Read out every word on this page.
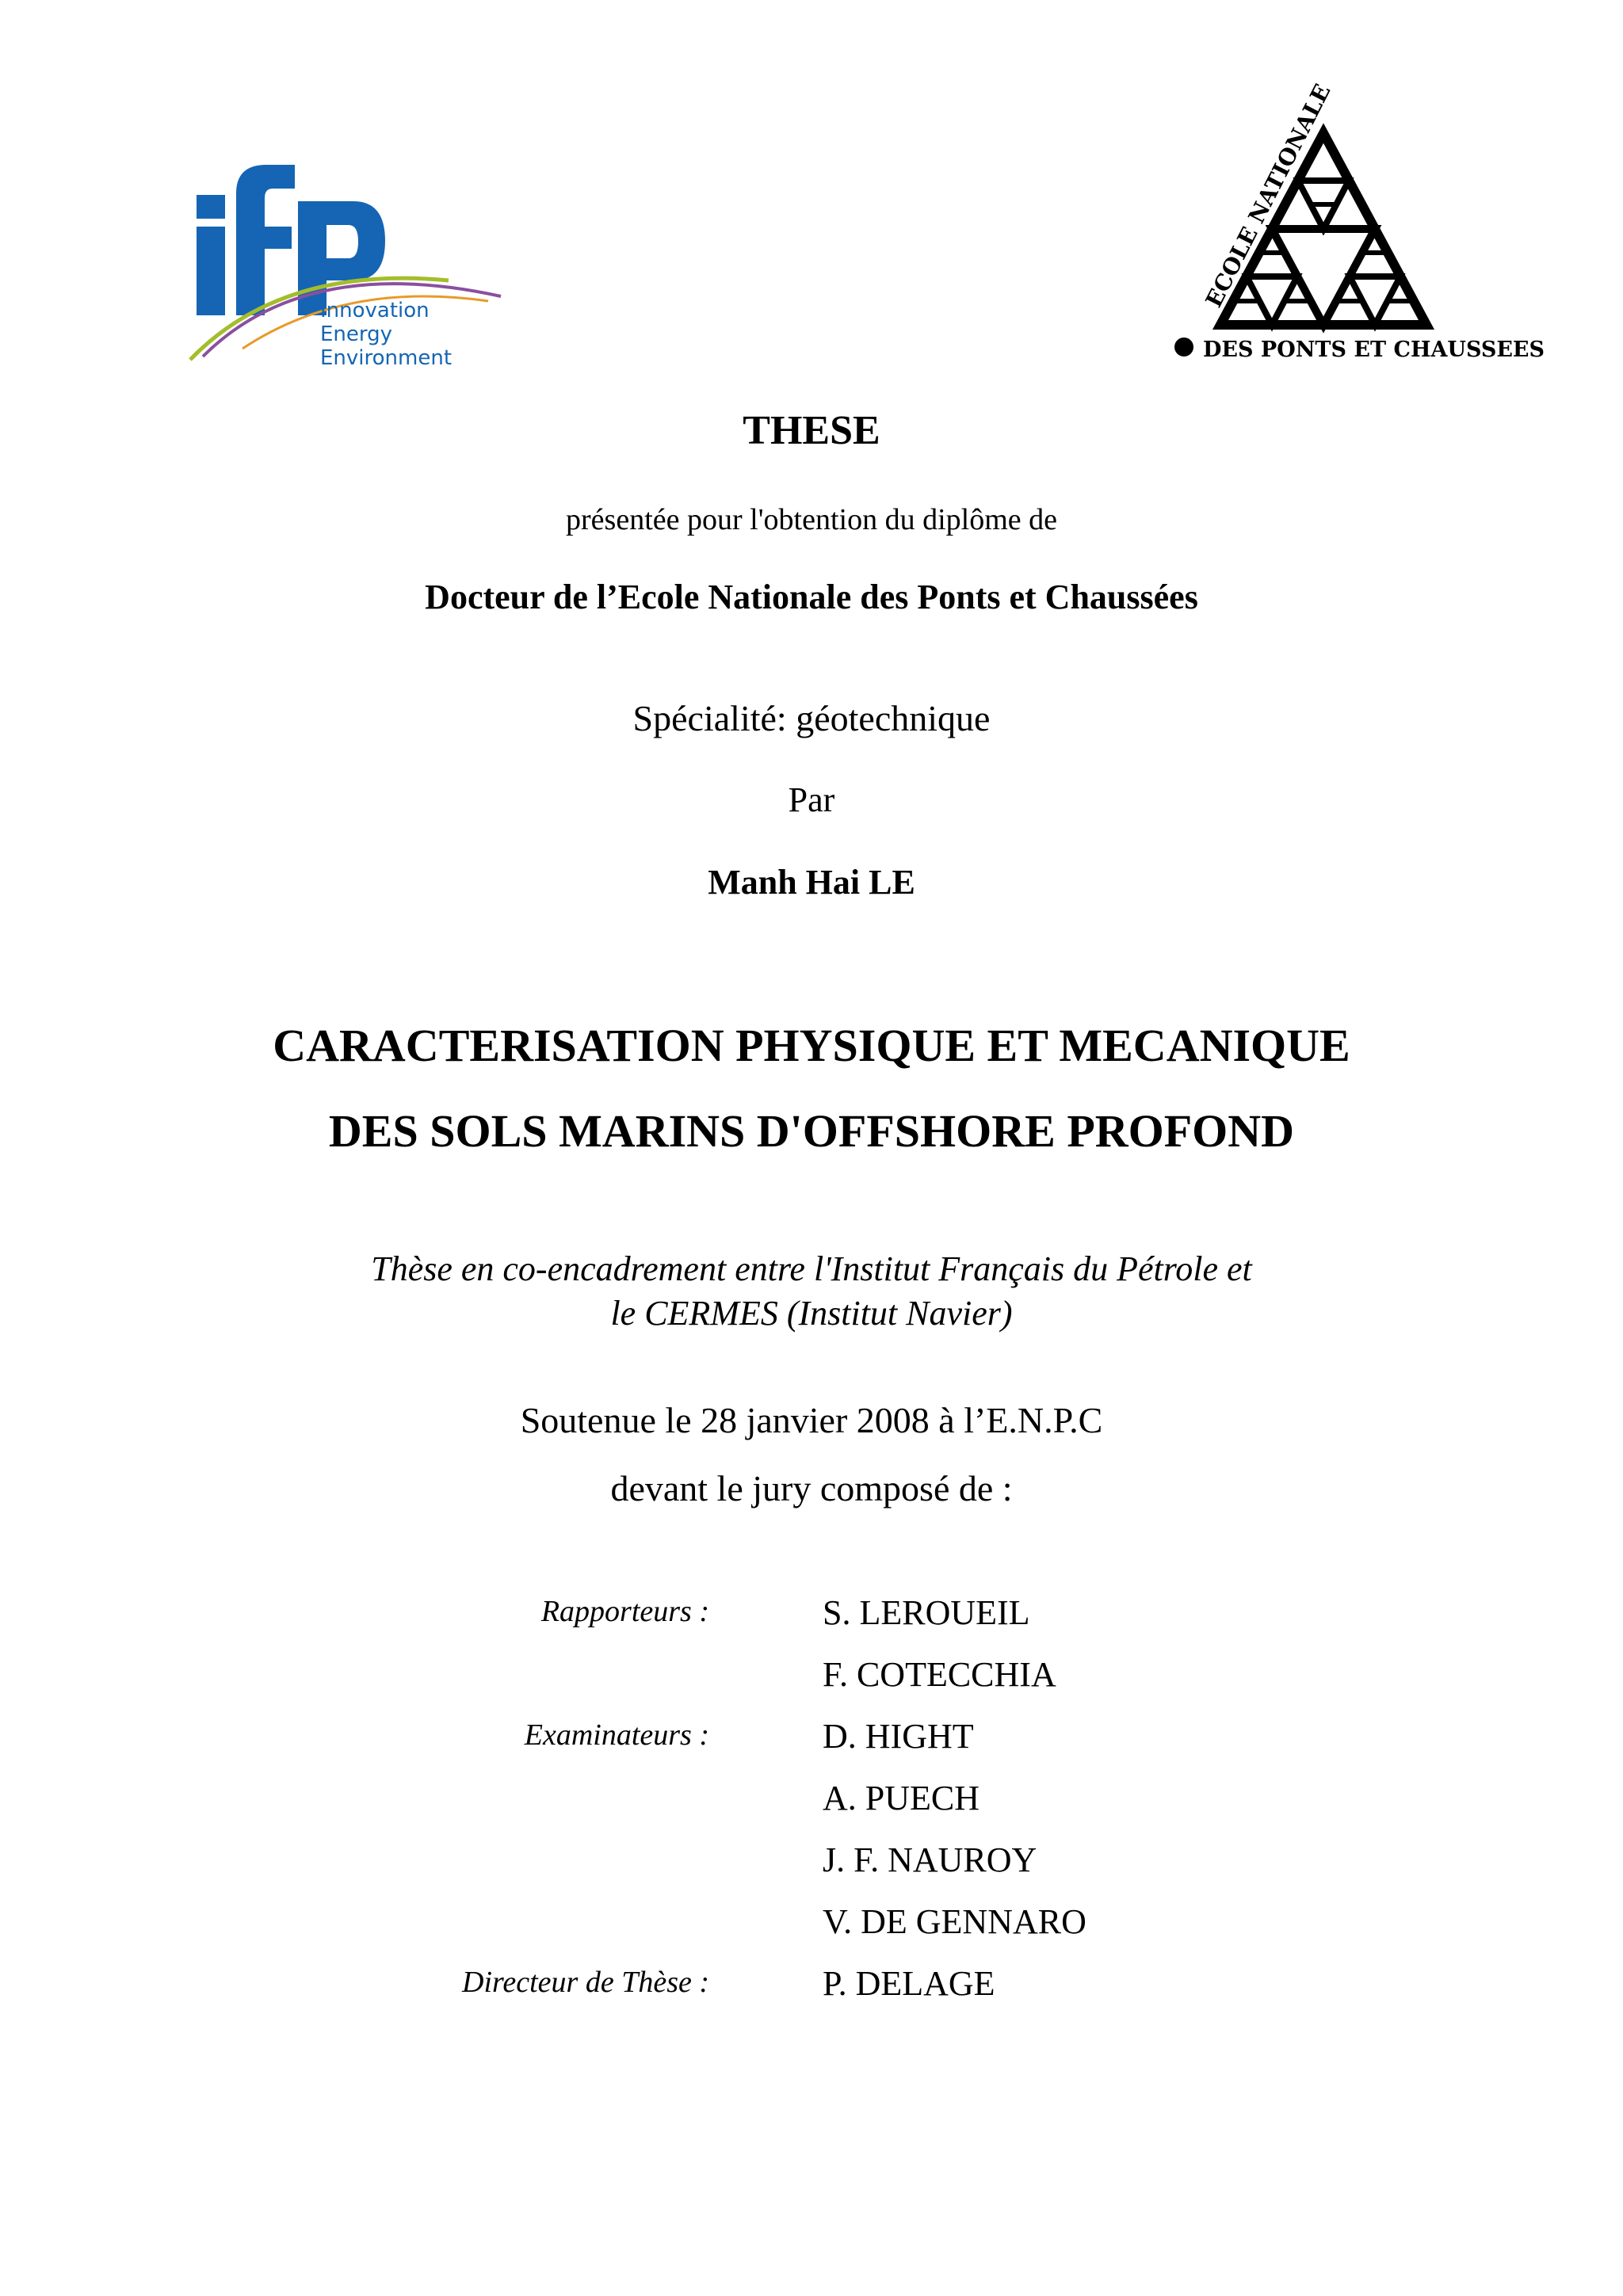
Innovation
Energy
Environment
ECOLE NATIONALE
DES PONTS ET CHAUSSEES
THESE
présentée pour l'obtention du diplôme de
Docteur de l’Ecole Nationale des Ponts et Chaussées
Spécialité: géotechnique
Par
Manh Hai LE
CARACTERISATION PHYSIQUE ET MECANIQUE
DES SOLS MARINS D'OFFSHORE PROFOND
Thèse en co-encadrement entre l'Institut Français du Pétrole et
le CERMES (Institut Navier)
Soutenue le 28 janvier 2008 à l’E.N.P.C
devant le jury composé de :
Rapporteurs :
Examinateurs :
Directeur de Thèse :
S. LEROUEIL
F. COTECCHIA
D. HIGHT
A. PUECH
J. F. NAUROY
V. DE GENNARO
P. DELAGE
